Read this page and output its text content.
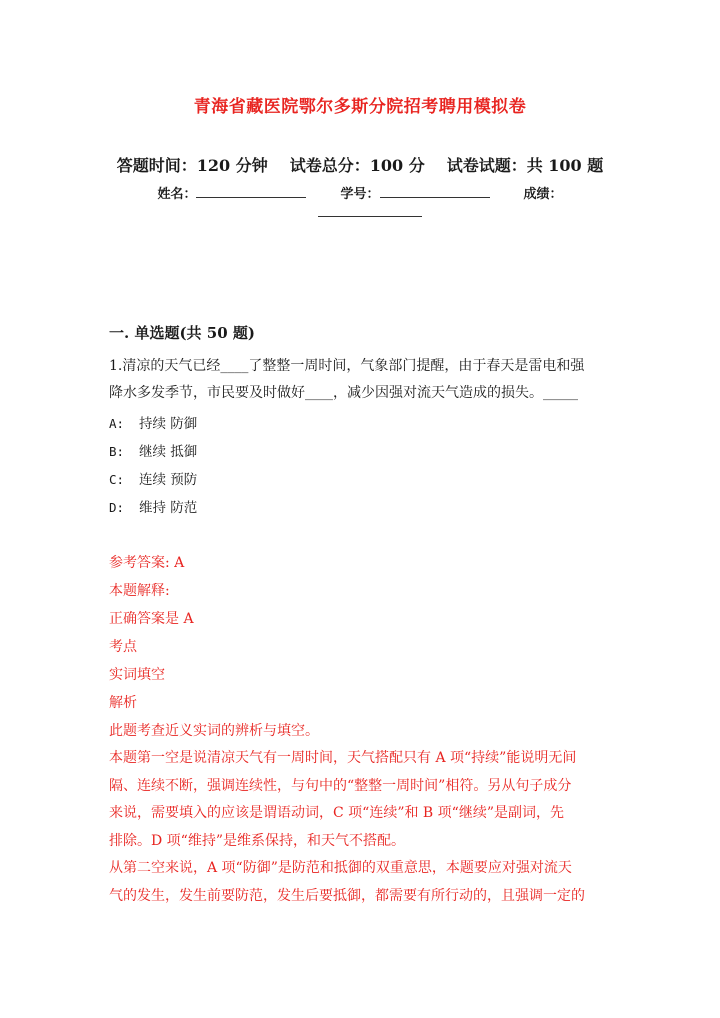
青海省藏医院鄂尔多斯分院招考聘用模拟卷
答题时间：120 分钟 试卷总分：100 分 试卷试题：共 100 题
姓名：	学号：	成绩：
一. 单选题(共 50 题)

1.清凉的天气已经____了整整一周时间，气象部门提醒，由于春天是雷电和强

降水多发季节，市民要及时做好____，减少因强对流天气造成的损失。_____

A: 持续 防御
B: 继续 抵御
C: 连续 预防
D: 维持 防范

参考答案: A

本题解释:

正确答案是 A

考点

实词填空

解析

此题考查近义实词的辨析与填空。

本题第一空是说清凉天气有一周时间，天气搭配只有 A 项“持续”能说明无间

隔、连续不断，强调连续性，与句中的“整整一周时间”相符。另从句子成分

来说，需要填入的应该是谓语动词，C 项“连续”和 B 项“继续”是副词，先

排除。D 项“维持”是维系保持，和天气不搭配。

从第二空来说，A 项“防御”是防范和抵御的双重意思，本题要应对强对流天

气的发生，发生前要防范，发生后要抵御，都需要有所行动的，且强调一定的
